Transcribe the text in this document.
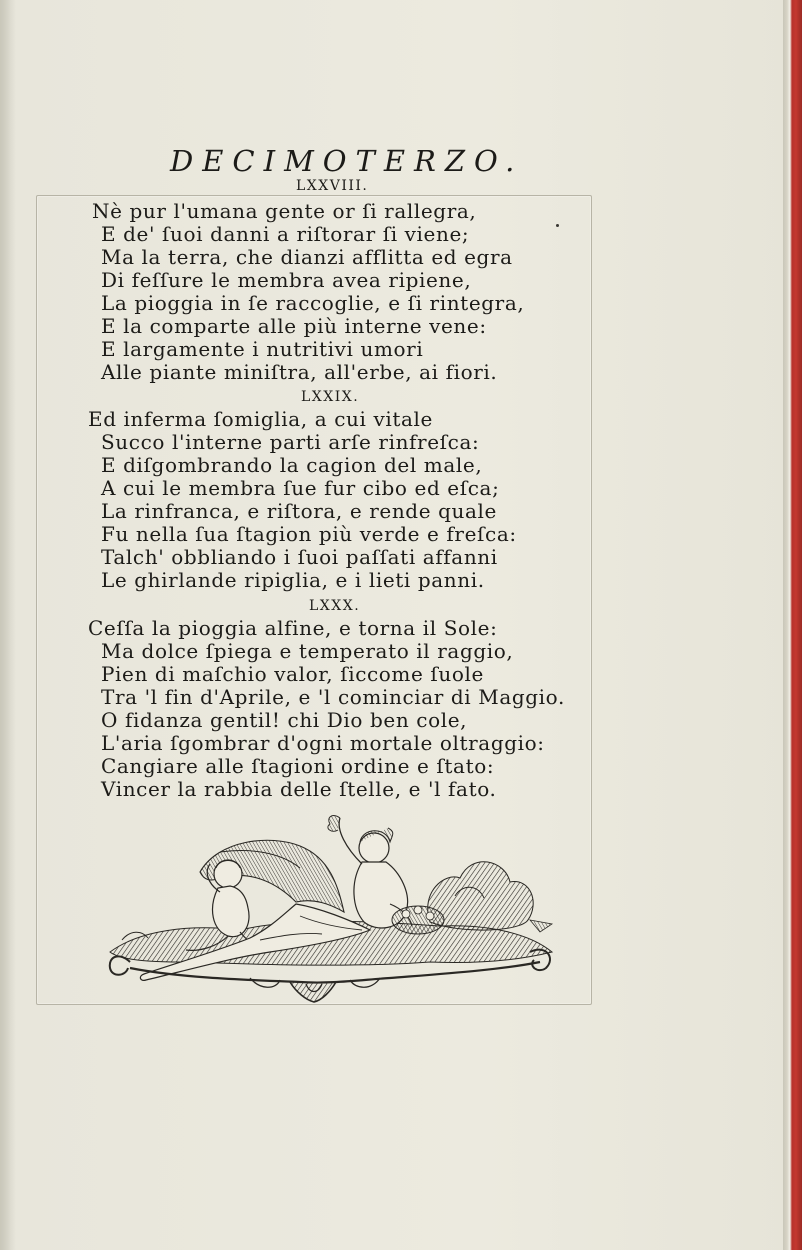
DECIMOTERZO.
LXXVIII.
Nè pur l'umana gente or ſi rallegra,
E de' ſuoi danni a riſtorar ſi viene;
Ma la terra, che dianzi afflitta ed egra
Di feſſure le membra avea ripiene,
La pioggia in ſe raccoglie, e ſi rintegra,
E la comparte alle più interne vene:
E largamente i nutritivi umori
Alle piante miniſtra, all'erbe, ai fiori.
LXXIX.
Ed inferma ſomiglia, a cui vitale
Succo l'interne parti arſe rinfreſca:
E diſgombrando la cagion del male,
A cui le membra ſue fur cibo ed eſca;
La rinfranca, e riſtora, e rende quale
Fu nella ſua ſtagion più verde e freſca:
Talch' obbliando i ſuoi paſſati affanni
Le ghirlande ripiglia, e i lieti panni.
LXXX.
Ceſſa la pioggia alfine, e torna il Sole:
Ma dolce ſpiega e temperato il raggio,
Pien di maſchio valor, ſiccome ſuole
Tra 'l fin d'Aprile, e 'l cominciar di Maggio.
O fidanza gentil! chi Dio ben cole,
L'aria ſgombrar d'ogni mortale oltraggio:
Cangiare alle ſtagioni ordine e ſtato:
Vincer la rabbia delle ſtelle, e 'l fato.
